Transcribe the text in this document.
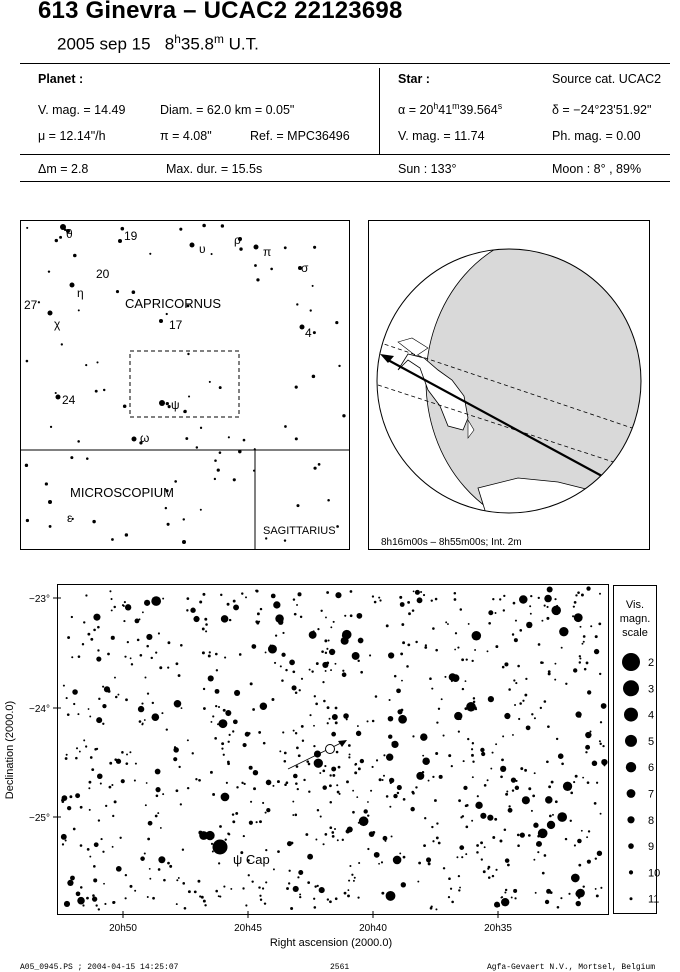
613 Ginevra – UCAC2 22123698
2005 sep 15 8$^h$35.8$^m$ U.T.
Planet :
V. mag. = 14.49	Diam. = 62.0 km = 0.05"
μ = 12.14"/h	π = 4.08"	Ref. = MPC36496
Star :	Source cat. UCAC2
$\alpha = 20^h41^m39.564^s$	δ = −24°23'51.92"
V. mag. = 11.74	Ph. mag. = 0.00
Δm = 2.8	Max. dur. = 15.5s	Sun : 133°	Moon : 8° , 89%
CAPRICORNUS
MICROSCOPIUM
SAGITTARIUS
θ	19
υ
ρ
π
σ
20
η
27
χ	17
4
ψ
24
ω
ε
8h16m00s – 8h55m00s; Int. 2m
Declination (2000.0)
−23°
−24°
−25°
20h50	20h45	20h40	20h35
Right ascension (2000.0)
ψ Cap
Vis.
magn.
scale
2
3
4
5
6
7
8
9
10
11
A05_0945.PS ; 2004-04-15 14:25:07	2561	Agfa-Gevaert N.V., Mortsel, Belgium
